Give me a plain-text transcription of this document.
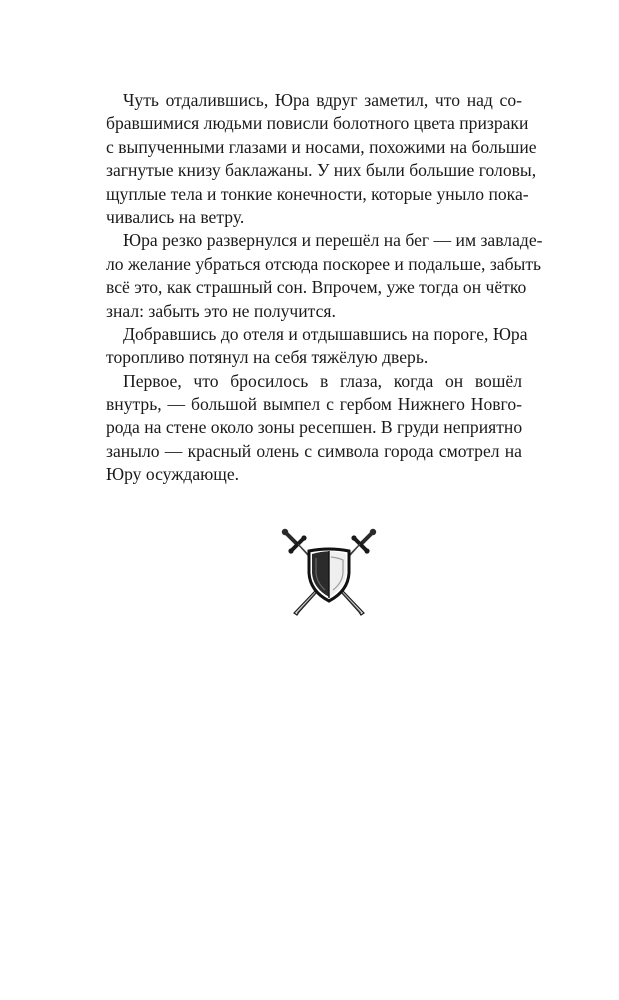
Чуть отдалившись, Юра вдруг заметил, что над со-
бравшимися людьми повисли болотного цвета призраки
с выпученными глазами и носами, похожими на большие
загнутые книзу баклажаны. У них были большие головы,
щуплые тела и тонкие конечности, которые уныло пока-
чивались на ветру.
Юра резко развернулся и перешёл на бег — им завладе-
ло желание убраться отсюда поскорее и подальше, забыть
всё это, как страшный сон. Впрочем, уже тогда он чётко
знал: забыть это не получится.
Добравшись до отеля и отдышавшись на пороге, Юра
торопливо потянул на себя тяжёлую дверь.
Первое, что бросилось в глаза, когда он вошёл
внутрь, — большой вымпел с гербом Нижнего Новго-
рода на стене около зоны ресепшен. В груди неприятно
заныло — красный олень с символа города смотрел на
Юру осуждающе.
